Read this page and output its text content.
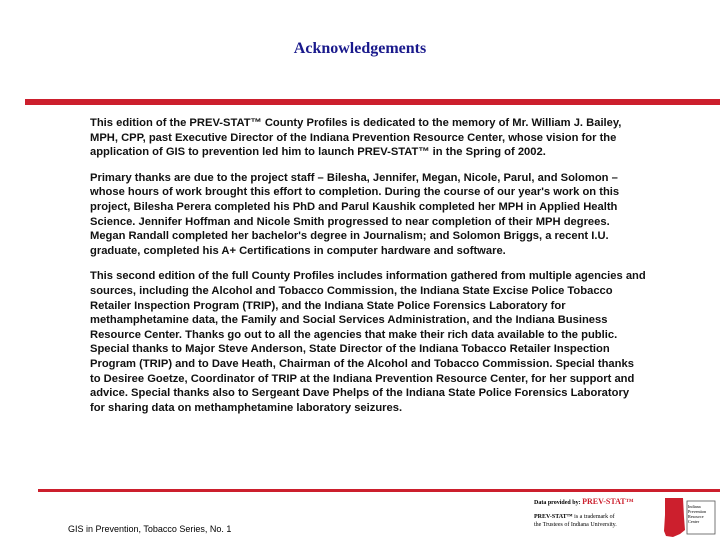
Acknowledgements

This edition of the PREV-STAT™ County Profiles is dedicated to the memory of Mr. William J. Bailey, MPH, CPP, past Executive Director of the Indiana Prevention Resource Center, whose vision for the application of GIS to prevention led him to launch PREV-STAT™ in the Spring of 2002.

Primary thanks are due to the project staff – Bilesha, Jennifer, Megan, Nicole, Parul, and Solomon – whose hours of work brought this effort to completion. During the course of our year's work on this project, Bilesha Perera completed his PhD and Parul Kaushik completed her MPH in Applied Health Science. Jennifer Hoffman and Nicole Smith progressed to near completion of their MPH degrees. Megan Randall completed her bachelor's degree in Journalism; and Solomon Briggs, a recent I.U. graduate, completed his A+ Certifications in computer hardware and software.

This second edition of the full County Profiles includes information gathered from multiple agencies and sources, including the Alcohol and Tobacco Commission, the Indiana State Excise Police Tobacco Retailer Inspection Program (TRIP), and the Indiana State Police Forensics Laboratory for methamphetamine data, the Family and Social Services Administration, and the Indiana Business Resource Center. Thanks go out to all the agencies that make their rich data available to the public. Special thanks to Major Steve Anderson, State Director of the Indiana Tobacco Retailer Inspection Program (TRIP) and to Dave Heath, Chairman of the Alcohol and Tobacco Commission. Special thanks to Desiree Goetze, Coordinator of TRIP at the Indiana Prevention Resource Center, for her support and advice. Special thanks also to Sergeant Dave Phelps of the Indiana State Police Forensics Laboratory for sharing data on methamphetamine laboratory seizures.

GIS in Prevention, Tobacco Series, No. 1
Data provided by: PREV-STAT™
PREV-STAT™ is a trademark of
the Trustees of Indiana University.
Indiana
Prevention
Resource
Center
